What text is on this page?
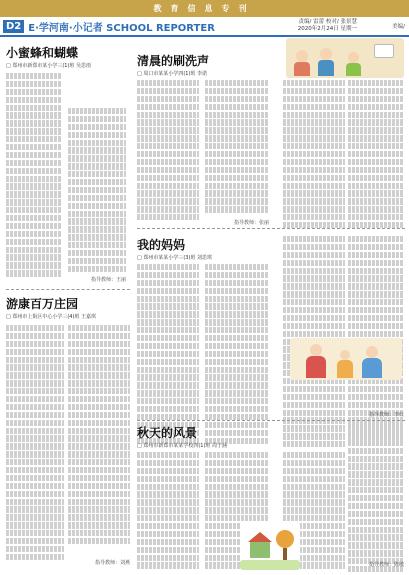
教育信息专刊
D2 E·学河南·小记者 SCHOOL REPORTER
责编/ 雷蕾 校对/ 张景慧
2020年2月24日 星期一	美编/
小蜜蜂和蝴蝶
□ 郑州市新郑市某小学三(1)班 吴思雨
指导教师：王丽
游康百万庄园
□ 郑州市上街区中心小学三(4)班 王嘉琪
指导教师：刘燕
清晨的刷洗声
□ 周口市某某小学四(1)班 李诺
指导教师：张丽
我的妈妈
□ 郑州市某某小学三(3)班 刘思琪
指导教师：李红
秋天的风景
□ 郑州市新郑市某某学校四(1)班 周子涵
指导教师：陈敏
